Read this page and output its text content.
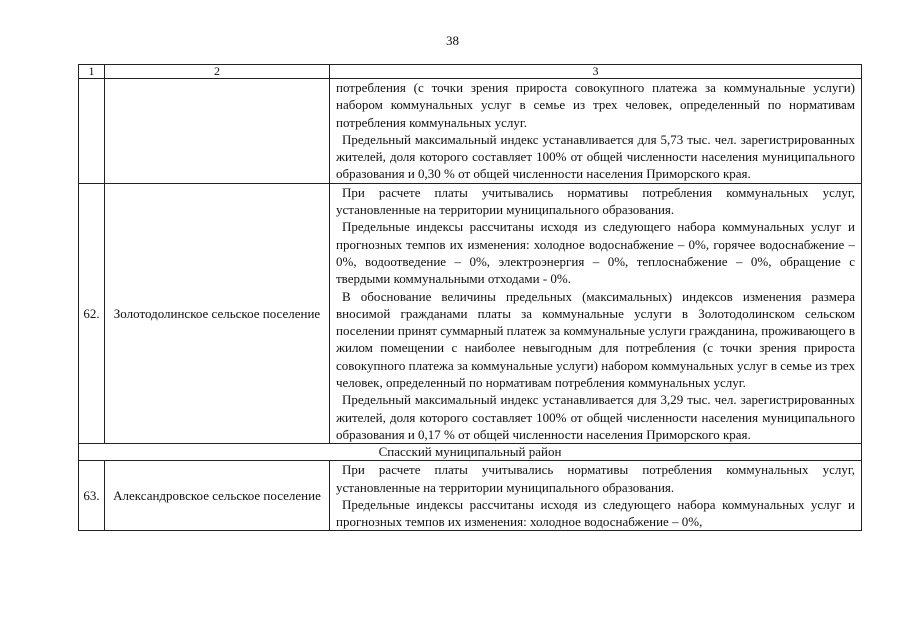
38
1	2	3

		потребления (с точки зрения прироста совокупного платежа за коммунальные услуги) набором коммунальных услуг в семье из трех человек, определенный по нормативам потребления коммунальных услуг.

Предельный максимальный индекс устанавливается для 5,73 тыс. чел. зарегистрированных жителей, доля которого составляет 100% от общей численности населения муниципального образования и 0,30 % от общей численности населения Приморского края.

62.	Золотодолинское сельское поселение	При расчете платы учитывались нормативы потребления коммунальных услуг, установленные на территории муниципального образования.

Предельные индексы рассчитаны исходя из следующего набора коммунальных услуг и прогнозных темпов их изменения: холодное водоснабжение – 0%, горячее водоснабжение – 0%, водоотведение – 0%, электроэнергия – 0%, теплоснабжение – 0%, обращение с твердыми коммунальными отходами - 0%.

В обоснование величины предельных (максимальных) индексов изменения размера вносимой гражданами платы за коммунальные услуги в Золотодолинском сельском поселении принят суммарный платеж за коммунальные услуги гражданина, проживающего в жилом помещении с наиболее невыгодным для потребления (с точки зрения прироста совокупного платежа за коммунальные услуги) набором коммунальных услуг в семье из трех человек, определенный по нормативам потребления коммунальных услуг.

Предельный максимальный индекс устанавливается для 3,29 тыс. чел. зарегистрированных жителей, доля которого составляет 100% от общей численности населения муниципального образования и 0,17 % от общей численности населения Приморского края.

Спасский муниципальный район		
63.	Александровское сельское поселение	При расчете платы учитывались нормативы потребления коммунальных услуг, установленные на территории муниципального образования.

Предельные индексы рассчитаны исходя из следующего набора коммунальных услуг и прогнозных темпов их изменения: холодное водоснабжение – 0%,
